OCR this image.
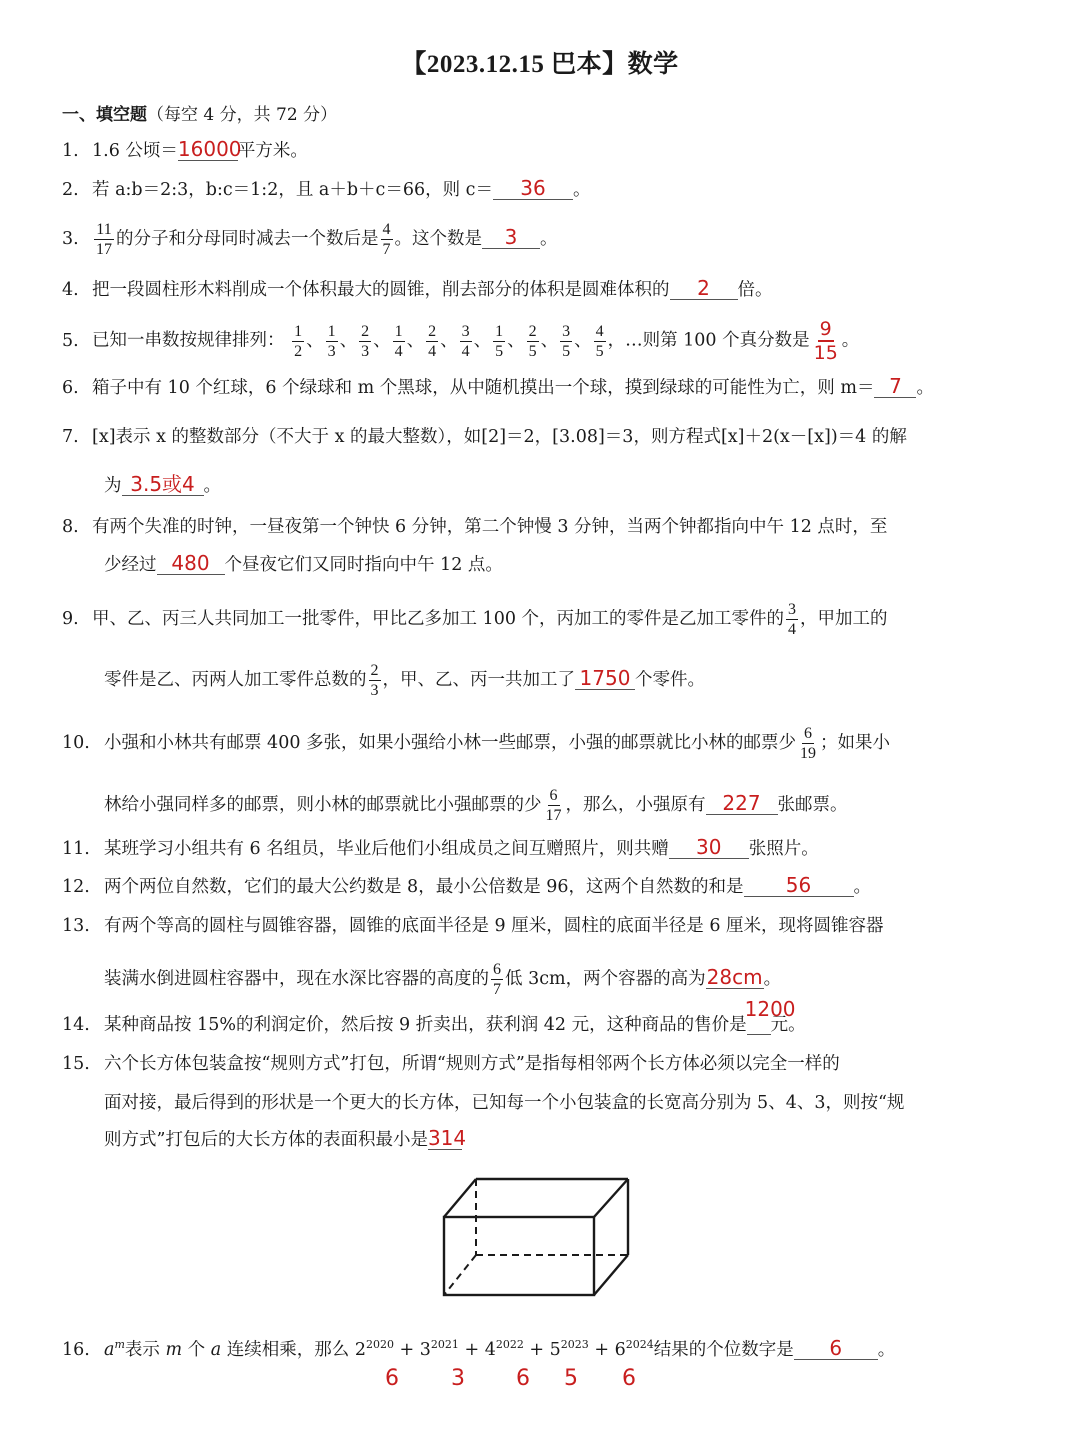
【2023.12.15 巴本】数学
一、填空题（每空 4 分，共 72 分）
1. 1.6 公顷＝16000平方米。
2. 若 a:b＝2:3，b:c＝1:2，且 a＋b＋c＝66，则 c＝ 36 。
3. $\frac{11}{17}$ 的分子和分母同时减去一个数后是 $\frac{4}{7}$ 。这个数是 3 。
4. 把一段圆柱形木料削成一个体积最大的圆锥，削去部分的体积是圆难体积的 2 倍。
5. 已知一串数按规律排列： $\frac{1}{2}$ 、 $\frac{1}{3}$ 、 $\frac{2}{3}$ 、 $\frac{1}{4}$ 、 $\frac{2}{4}$ 、 $\frac{3}{4}$ 、 $\frac{1}{5}$ 、 $\frac{2}{5}$ 、 $\frac{3}{5}$ 、 $\frac{4}{5}$ ，…则第 100 个真分数是 $\frac{9}{15}$ 。
6. 箱子中有 10 个红球，6 个绿球和 m 个黑球，从中随机摸出一个球，摸到绿球的可能性为亡，则 m＝ 7 。
7. [x]表示 x 的整数部分（不大于 x 的最大整数），如[2]＝2，[3.08]＝3，则方程式[x]＋2(x－[x])＝4 的解
为 3.5或4 。
8. 有两个失准的时钟，一昼夜第一个钟快 6 分钟，第二个钟慢 3 分钟，当两个钟都指向中午 12 点时，至
少经过 480 个昼夜它们又同时指向中午 12 点。
9. 甲、乙、丙三人共同加工一批零件，甲比乙多加工 100 个，丙加工的零件是乙加工零件的 $\frac{3}{4}$ ，甲加工的
零件是乙、丙两人加工零件总数的 $\frac{2}{3}$ ，甲、乙、丙一共加工了 1750 个零件。
10. 小强和小林共有邮票 400 多张，如果小强给小林一些邮票，小强的邮票就比小林的邮票少 $\frac{6}{19}$ ；如果小
林给小强同样多的邮票，则小林的邮票就比小强邮票的少 $\frac{6}{17}$ ，那么，小强原有 227 张邮票。
11. 某班学习小组共有 6 名组员，毕业后他们小组成员之间互赠照片，则共赠 30 张照片。
12. 两个两位自然数，它们的最大公约数是 8，最小公倍数是 96，这两个自然数的和是 56 。
13. 有两个等高的圆柱与圆锥容器，圆锥的底面半径是 9 厘米，圆柱的底面半径是 6 厘米，现将圆锥容器
装满水倒进圆柱容器中，现在水深比容器的高度的 $\frac{6}{7}$ 低 3cm，两个容器的高为28cm。
14. 某种商品按 15%的利润定价，然后按 9 折卖出，获利润 42 元，这种商品的售价是
1200
元。
15. 六个长方体包装盒按“规则方式”打包，所谓“规则方式”是指每相邻两个长方体必须以完全一样的
面对接，最后得到的形状是一个更大的长方体，已知每一个小包装盒的长宽高分别为 5、4、3，则按“规
则方式”打包后的大长方体的表面积最小是314
16. $a^m$表示 m 个 a 连续相乘，那么 $2^{2020} + 3^{2021} + 4^{2022} + 5^{2023} + 6^{2024}$结果的个位数字是 6 。
6 3 6 5 6
